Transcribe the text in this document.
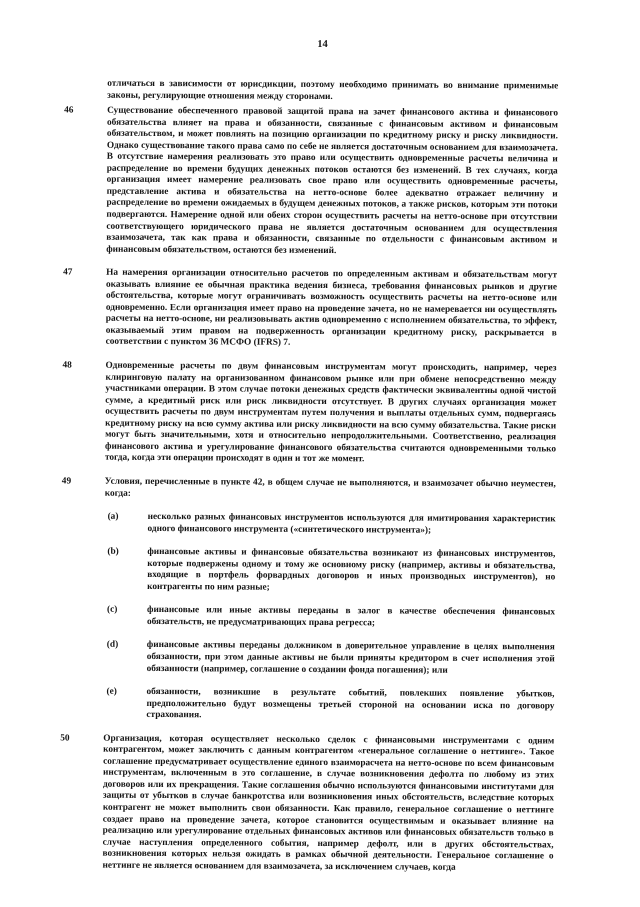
14
отличаться в зависимости от юрисдикции, поэтому необходимо принимать во внимание применимые законы, регулирующие отношения между сторонами.
46	Существование обеспеченного правовой защитой права на зачет финансового актива и финансового обязательства влияет на права и обязанности, связанные с финансовым активом и финансовым обязательством, и может повлиять на позицию организации по кредитному риску и риску ликвидности. Однако существование такого права само по себе не является достаточным основанием для взаимозачета. В отсутствие намерения реализовать это право или осуществить одновременные расчеты величина и распределение во времени будущих денежных потоков остаются без изменений. В тех случаях, когда организация имеет намерение реализовать свое право или осуществить одновременные расчеты, представление актива и обязательства на нетто-основе более адекватно отражает величину и распределение во времени ожидаемых в будущем денежных потоков, а также рисков, которым эти потоки подвергаются. Намерение одной или обеих сторон осуществить расчеты на нетто-основе при отсутствии соответствующего юридического права не является достаточным основанием для осуществления взаимозачета, так как права и обязанности, связанные по отдельности с финансовым активом и финансовым обязательством, остаются без изменений.
47	На намерения организации относительно расчетов по определенным активам и обязательствам могут оказывать влияние ее обычная практика ведения бизнеса, требования финансовых рынков и другие обстоятельства, которые могут ограничивать возможность осуществить расчеты на нетто-основе или одновременно. Если организация имеет право на проведение зачета, но не намеревается ни осуществлять расчеты на нетто-основе, ни реализовывать актив одновременно с исполнением обязательства, то эффект, оказываемый этим правом на подверженность организации кредитному риску, раскрывается в соответствии с пунктом 36 МСФО (IFRS) 7.
48	Одновременные расчеты по двум финансовым инструментам могут происходить, например, через клиринговую палату на организованном финансовом рынке или при обмене непосредственно между участниками операции. В этом случае потоки денежных средств фактически эквивалентны одной чистой сумме, а кредитный риск или риск ликвидности отсутствует. В других случаях организация может осуществить расчеты по двум инструментам путем получения и выплаты отдельных сумм, подвергаясь кредитному риску на всю сумму актива или риску ликвидности на всю сумму обязательства. Такие риски могут быть значительными, хотя и относительно непродолжительными. Соответственно, реализация финансового актива и урегулирование финансового обязательства считаются одновременными только тогда, когда эти операции происходят в один и тот же момент.
49	Условия, перечисленные в пункте 42, в общем случае не выполняются, и взаимозачет обычно неуместен, когда:
(a)	несколько разных финансовых инструментов используются для имитирования характеристик одного финансового инструмента («синтетического инструмента»);
(b)	финансовые активы и финансовые обязательства возникают из финансовых инструментов, которые подвержены одному и тому же основному риску (например, активы и обязательства, входящие в портфель форвардных договоров и иных производных инструментов), но контрагенты по ним разные;
(c)	финансовые или иные активы переданы в залог в качестве обеспечения финансовых обязательств, не предусматривающих права регресса;
(d)	финансовые активы переданы должником в доверительное управление в целях выполнения обязанности, при этом данные активы не были приняты кредитором в счет исполнения этой обязанности (например, соглашение о создании фонда погашения); или
(e)	обязанности, возникшие в результате событий, повлекших появление убытков, предположительно будут возмещены третьей стороной на основании иска по договору страхования.
50	Организация, которая осуществляет несколько сделок с финансовыми инструментами с одним контрагентом, может заключить с данным контрагентом «генеральное соглашение о неттинге». Такое соглашение предусматривает осуществление единого взаиморасчета на нетто-основе по всем финансовым инструментам, включенным в это соглашение, в случае возникновения дефолта по любому из этих договоров или их прекращения. Такие соглашения обычно используются финансовыми институтами для защиты от убытков в случае банкротства или возникновения иных обстоятельств, вследствие которых контрагент не может выполнить свои обязанности. Как правило, генеральное соглашение о неттинге создает право на проведение зачета, которое становится осуществимым и оказывает влияние на реализацию или урегулирование отдельных финансовых активов или финансовых обязательств только в случае наступления определенного события, например дефолт, или в других обстоятельствах, возникновения которых нельзя ожидать в рамках обычной деятельности. Генеральное соглашение о неттинге не является основанием для взаимозачета, за исключением случаев, когда
